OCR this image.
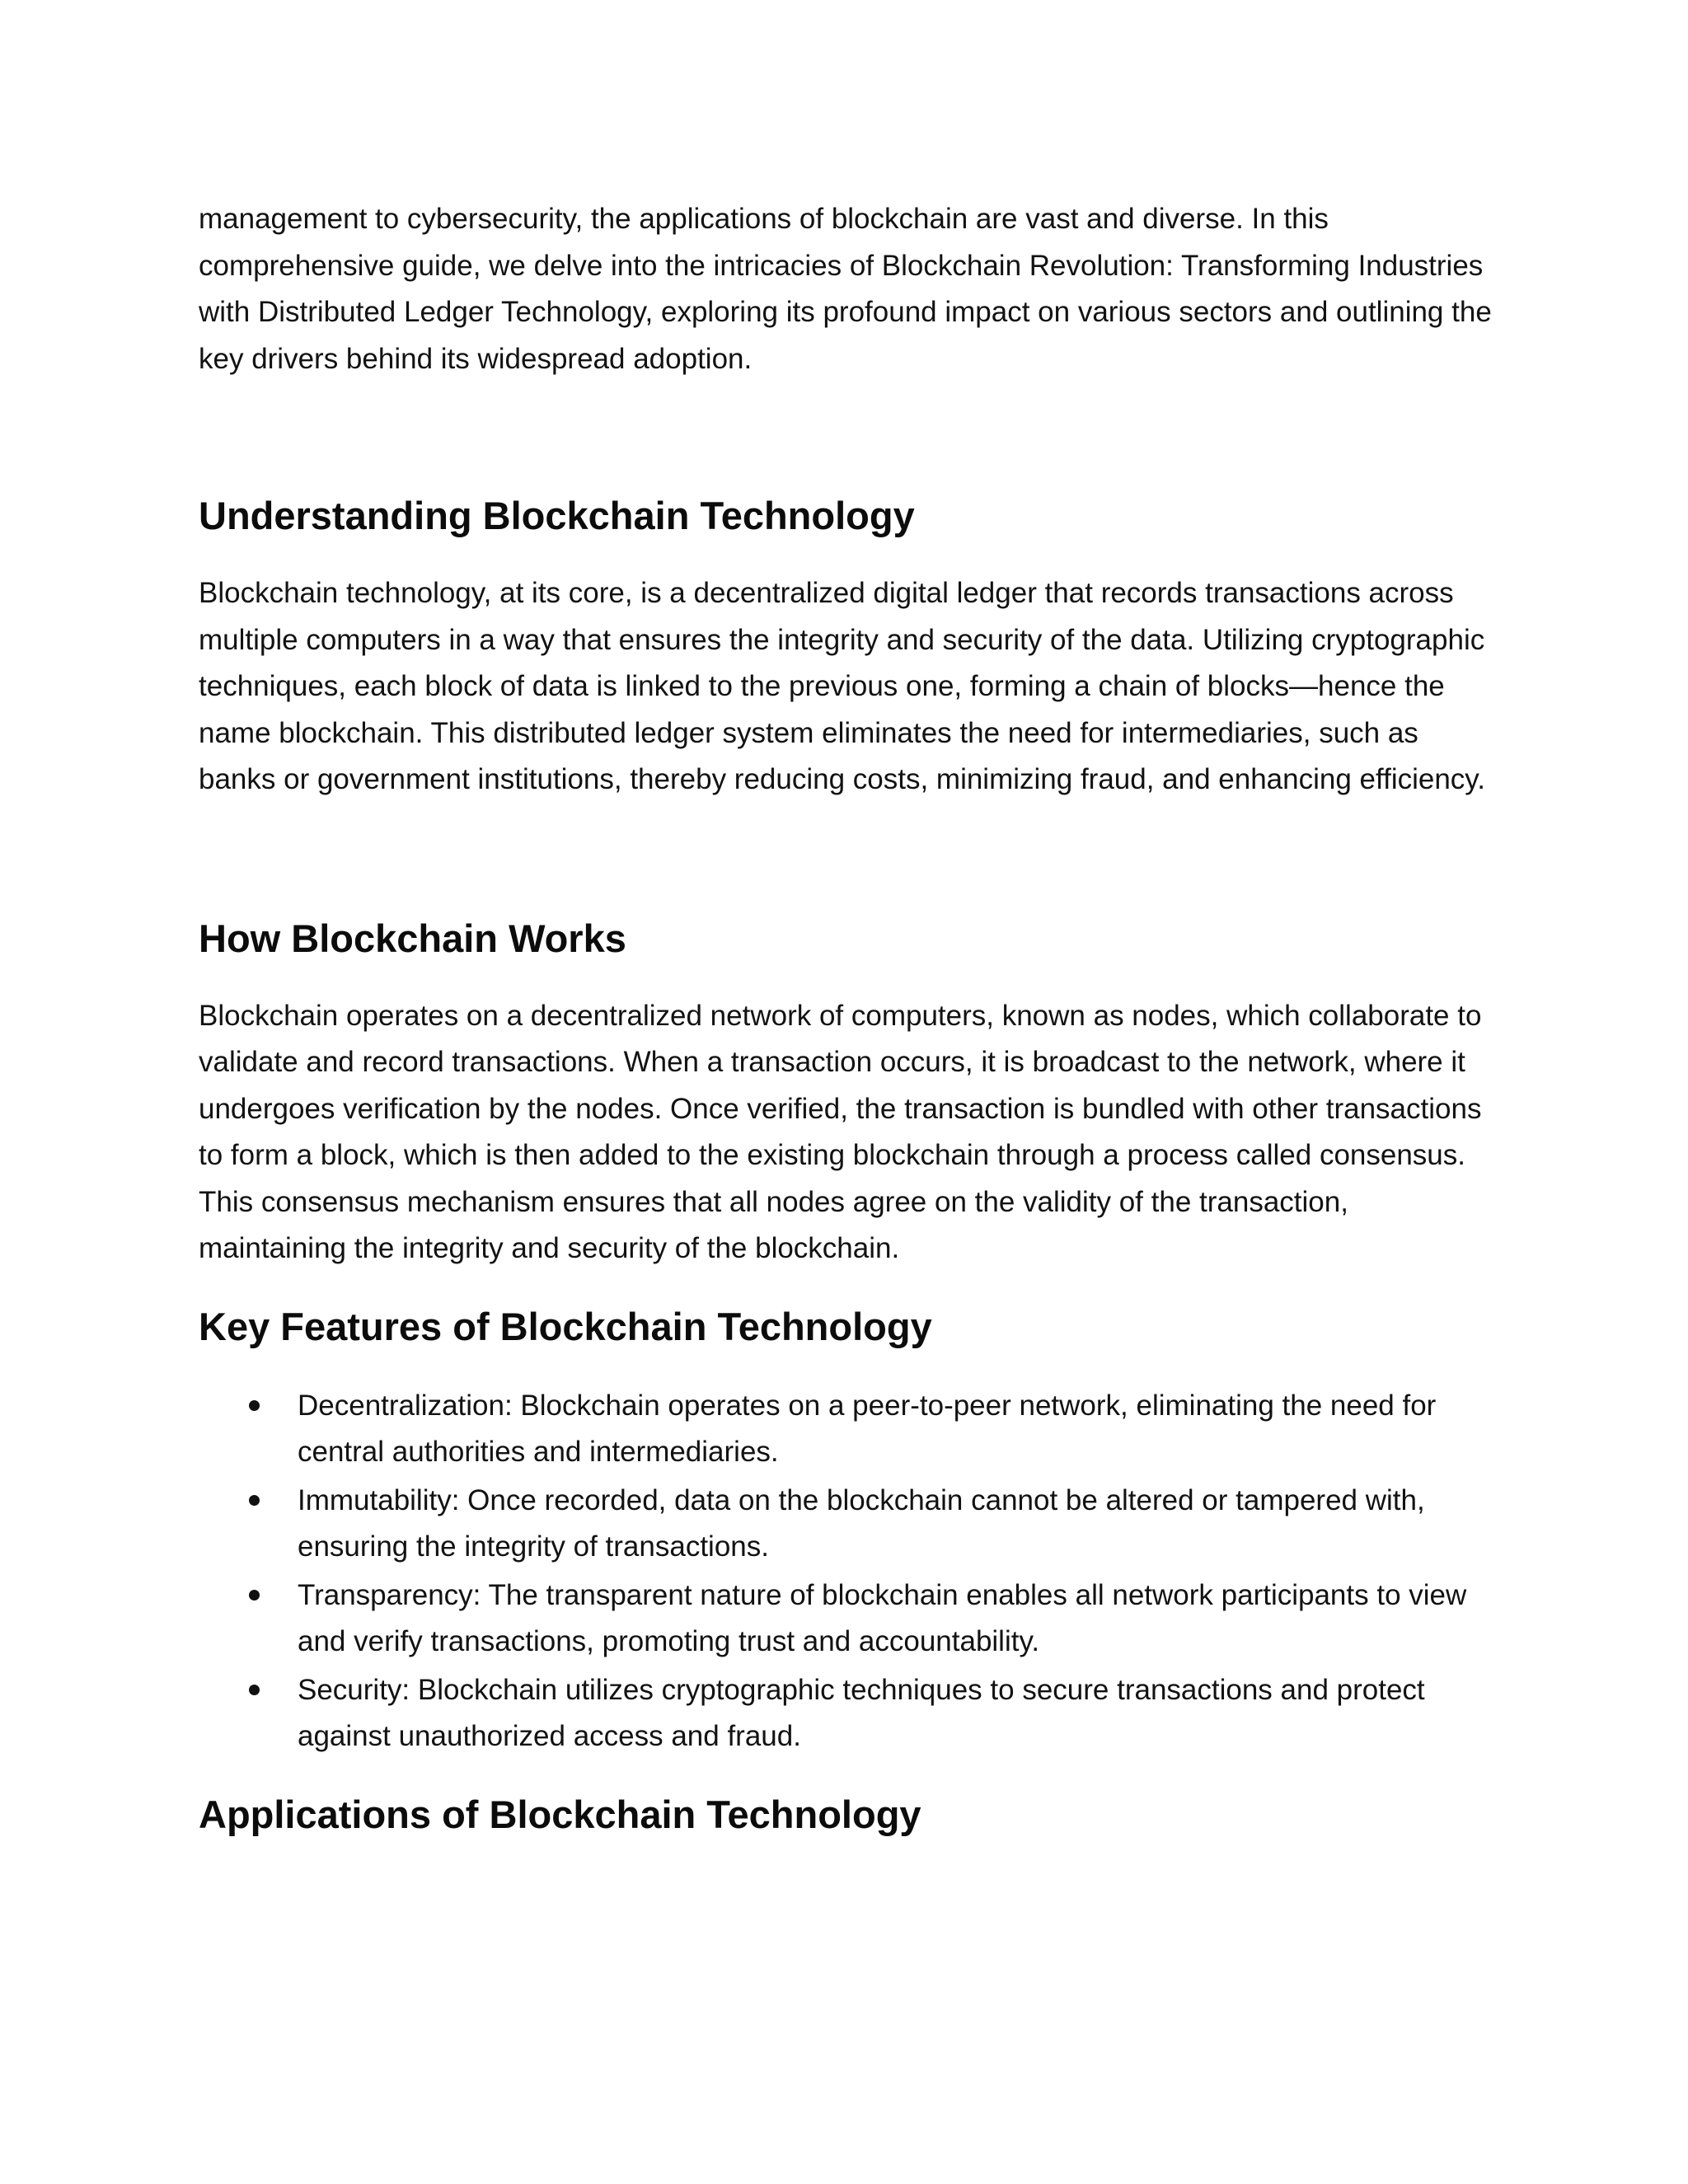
management to cybersecurity, the applications of blockchain are vast and diverse. In this comprehensive guide, we delve into the intricacies of Blockchain Revolution: Transforming Industries with Distributed Ledger Technology, exploring its profound impact on various sectors and outlining the key drivers behind its widespread adoption.

Understanding Blockchain Technology

Blockchain technology, at its core, is a decentralized digital ledger that records transactions across multiple computers in a way that ensures the integrity and security of the data. Utilizing cryptographic techniques, each block of data is linked to the previous one, forming a chain of blocks—hence the name blockchain. This distributed ledger system eliminates the need for intermediaries, such as banks or government institutions, thereby reducing costs, minimizing fraud, and enhancing efficiency.

How Blockchain Works

Blockchain operates on a decentralized network of computers, known as nodes, which collaborate to validate and record transactions. When a transaction occurs, it is broadcast to the network, where it undergoes verification by the nodes. Once verified, the transaction is bundled with other transactions to form a block, which is then added to the existing blockchain through a process called consensus. This consensus mechanism ensures that all nodes agree on the validity of the transaction, maintaining the integrity and security of the blockchain.

Key Features of Blockchain Technology
Decentralization: Blockchain operates on a peer-to-peer network, eliminating the need for central authorities and intermediaries.
Immutability: Once recorded, data on the blockchain cannot be altered or tampered with, ensuring the integrity of transactions.
Transparency: The transparent nature of blockchain enables all network participants to view and verify transactions, promoting trust and accountability.
Security: Blockchain utilizes cryptographic techniques to secure transactions and protect against unauthorized access and fraud.
Applications of Blockchain Technology
